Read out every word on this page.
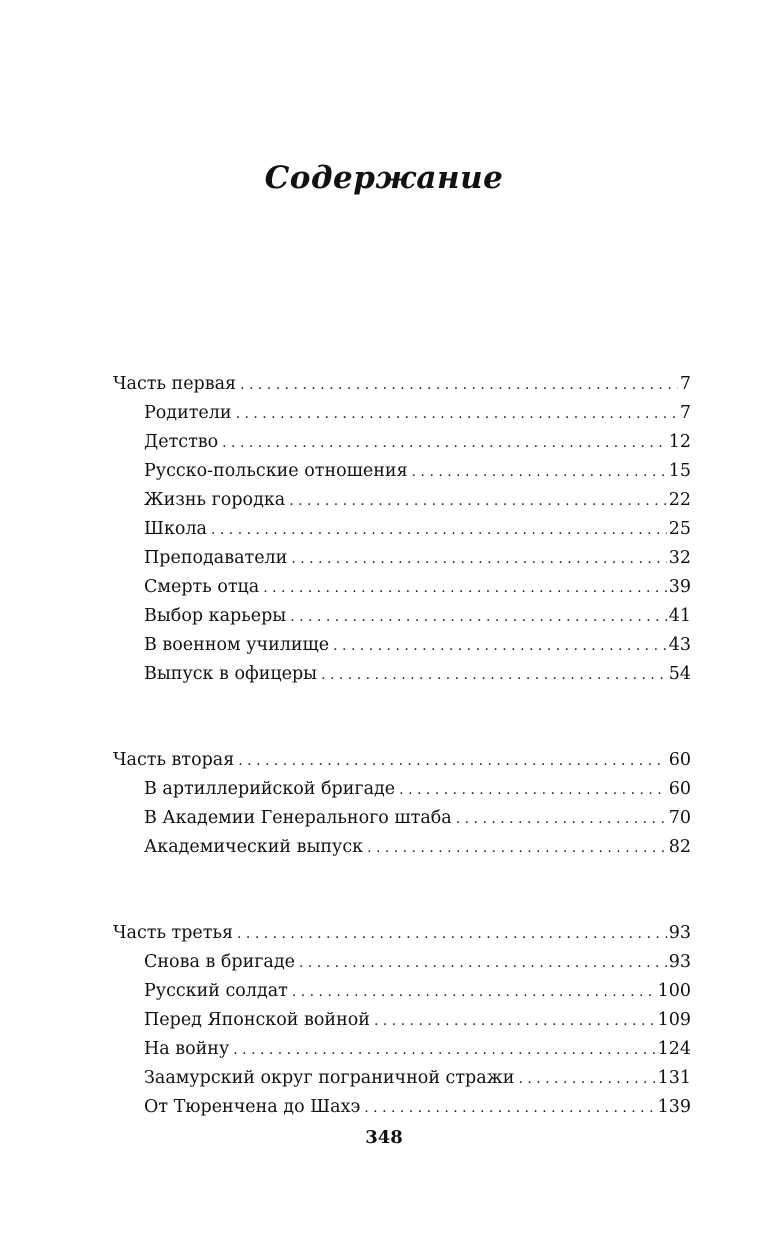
Содержание
Часть первая . . .	7
Родители . . .	7
Детство . . .	12
Русско-польские отношения . . .	15
Жизнь городка . . .	22
Школа . . .	25
Преподаватели . . .	32
Смерть отца . . .	39
Выбор карьеры . . .	41
В военном училище . . .	43
Выпуск в офицеры . . .	54
Часть вторая . . .	60
В артиллерийской бригаде . . .	60
В Академии Генерального штаба . . .	70
Академический выпуск . . .	82
Часть третья . . .	93
Снова в бригаде . . .	93
Русский солдат . . .	100
Перед Японской войной . . .	109
На войну . . .	124
Заамурский округ пограничной стражи . . .	131
От Тюренчена до Шахэ . . .	139
348
